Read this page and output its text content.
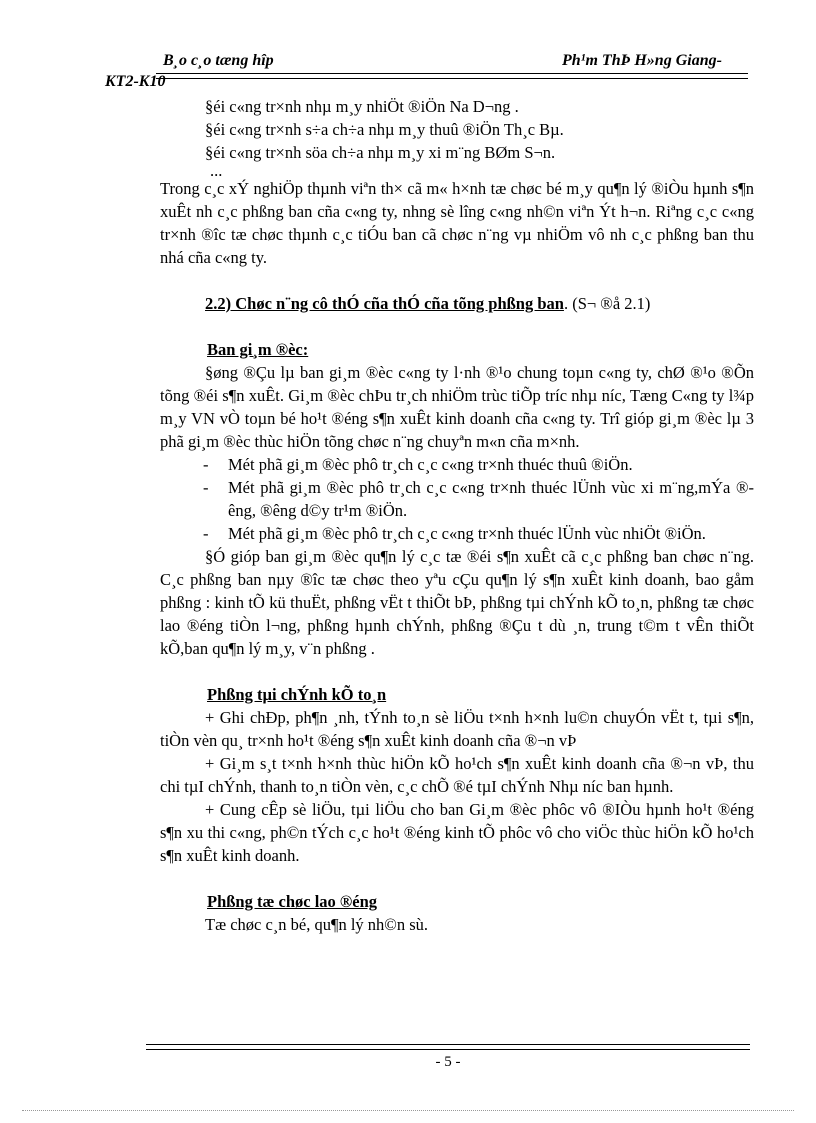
B¸o c¸o tæng hîp	Ph¹m ThÞ H»ng Giang-
KT2-K10

§éi c«ng tr×nh nhµ m¸y nhiÖt ®iÖn Na D¬ng .

§éi c«ng tr×nh s÷a ch÷a nhµ m¸y thuû ®iÖn Th¸c Bµ.

§éi c«ng tr×nh söa ch÷a nhµ m¸y xi m¨ng BØm S¬n.

...

Trong c¸c xÝ nghiÖp thµnh viªn th× cã m« h×nh tæ chøc bé m¸y qu¶n lý ®iÒu hµnh s¶n xuÊt nh c¸c phßng ban cña c«ng ty, nhng sè lîng c«ng nh©n viªn Ýt h¬n. Riªng c¸c c«ng tr×nh ®îc tæ chøc thµnh c¸c tiÓu ban cã chøc n¨ng vµ nhiÖm vô nh c¸c phßng ban thu nhá cña c«ng ty.

2.2) Chøc n¨ng cô thÓ cña thÓ cña tõng phßng ban. (S¬ ®å 2.1)

Ban gi¸m ®èc:

§øng ®Çu lµ ban gi¸m ®èc c«ng ty l·nh ®¹o chung toµn c«ng ty, chØ ®¹o ®Õn tõng ®éi s¶n xuÊt. Gi¸m ®èc chÞu tr¸ch nhiÖm trùc tiÕp tríc nhµ níc, Tæng C«ng ty l¾p m¸y VN vÒ toµn bé ho¹t ®éng s¶n xuÊt kinh doanh cña c«ng ty. Trî gióp gi¸m ®èc lµ 3 phã gi¸m ®èc thùc hiÖn tõng chøc n¨ng chuyªn m«n cña m×nh.

- Mét phã gi¸m ®èc phô tr¸ch c¸c c«ng tr×nh thuéc thuû ®iÖn.
- Mét phã gi¸m ®èc phô tr¸ch c¸c c«ng tr×nh thuéc lÜnh vùc xi m¨ng,mÝa ®êng, ®êng d©y tr¹m ®iÖn.
- Mét phã gi¸m ®èc phô tr¸ch c¸c c«ng tr×nh thuéc lÜnh vùc nhiÖt ®iÖn.

§Ó gióp ban gi¸m ®èc qu¶n lý c¸c tæ ®éi s¶n xuÊt cã c¸c phßng ban chøc n¨ng. C¸c phßng ban nµy ®îc tæ chøc theo yªu cÇu qu¶n lý s¶n xuÊt kinh doanh, bao gåm phßng : kinh tÕ kü thuËt, phßng vËt t thiÕt bÞ, phßng tµi chÝnh kÕ to¸n, phßng tæ chøc lao ®éng tiÒn l¬ng, phßng hµnh chÝnh, phßng ®Çu t dù ¸n, trung t©m t vÊn thiÕt kÕ,ban qu¶n lý m¸y, v¨n phßng .

Phßng tµi chÝnh kÕ to¸n

+ Ghi chÐp, ph¶n ¸nh, tÝnh to¸n sè liÖu t×nh h×nh lu©n chuyÓn vËt t, tµi s¶n, tiÒn vèn qu¸ tr×nh ho¹t ®éng s¶n xuÊt kinh doanh cña ®¬n vÞ

+ Gi¸m s¸t t×nh h×nh thùc hiÖn kÕ ho¹ch s¶n xuÊt kinh doanh cña ®¬n vÞ, thu chi tµI chÝnh, thanh to¸n tiÒn vèn, c¸c chÕ ®é tµI chÝnh Nhµ níc ban hµnh.

+ Cung cÊp sè liÖu, tµi liÖu cho ban Gi¸m ®èc phôc vô ®IÒu hµnh ho¹t ®éng s¶n xu thi c«ng, ph©n tÝch c¸c ho¹t ®éng kinh tÕ phôc vô cho viÖc thùc hiÖn kÕ ho¹ch s¶n xuÊt kinh doanh.

Phßng tæ chøc lao ®éng

Tæ chøc c¸n bé, qu¶n lý nh©n sù.

- 5 -
